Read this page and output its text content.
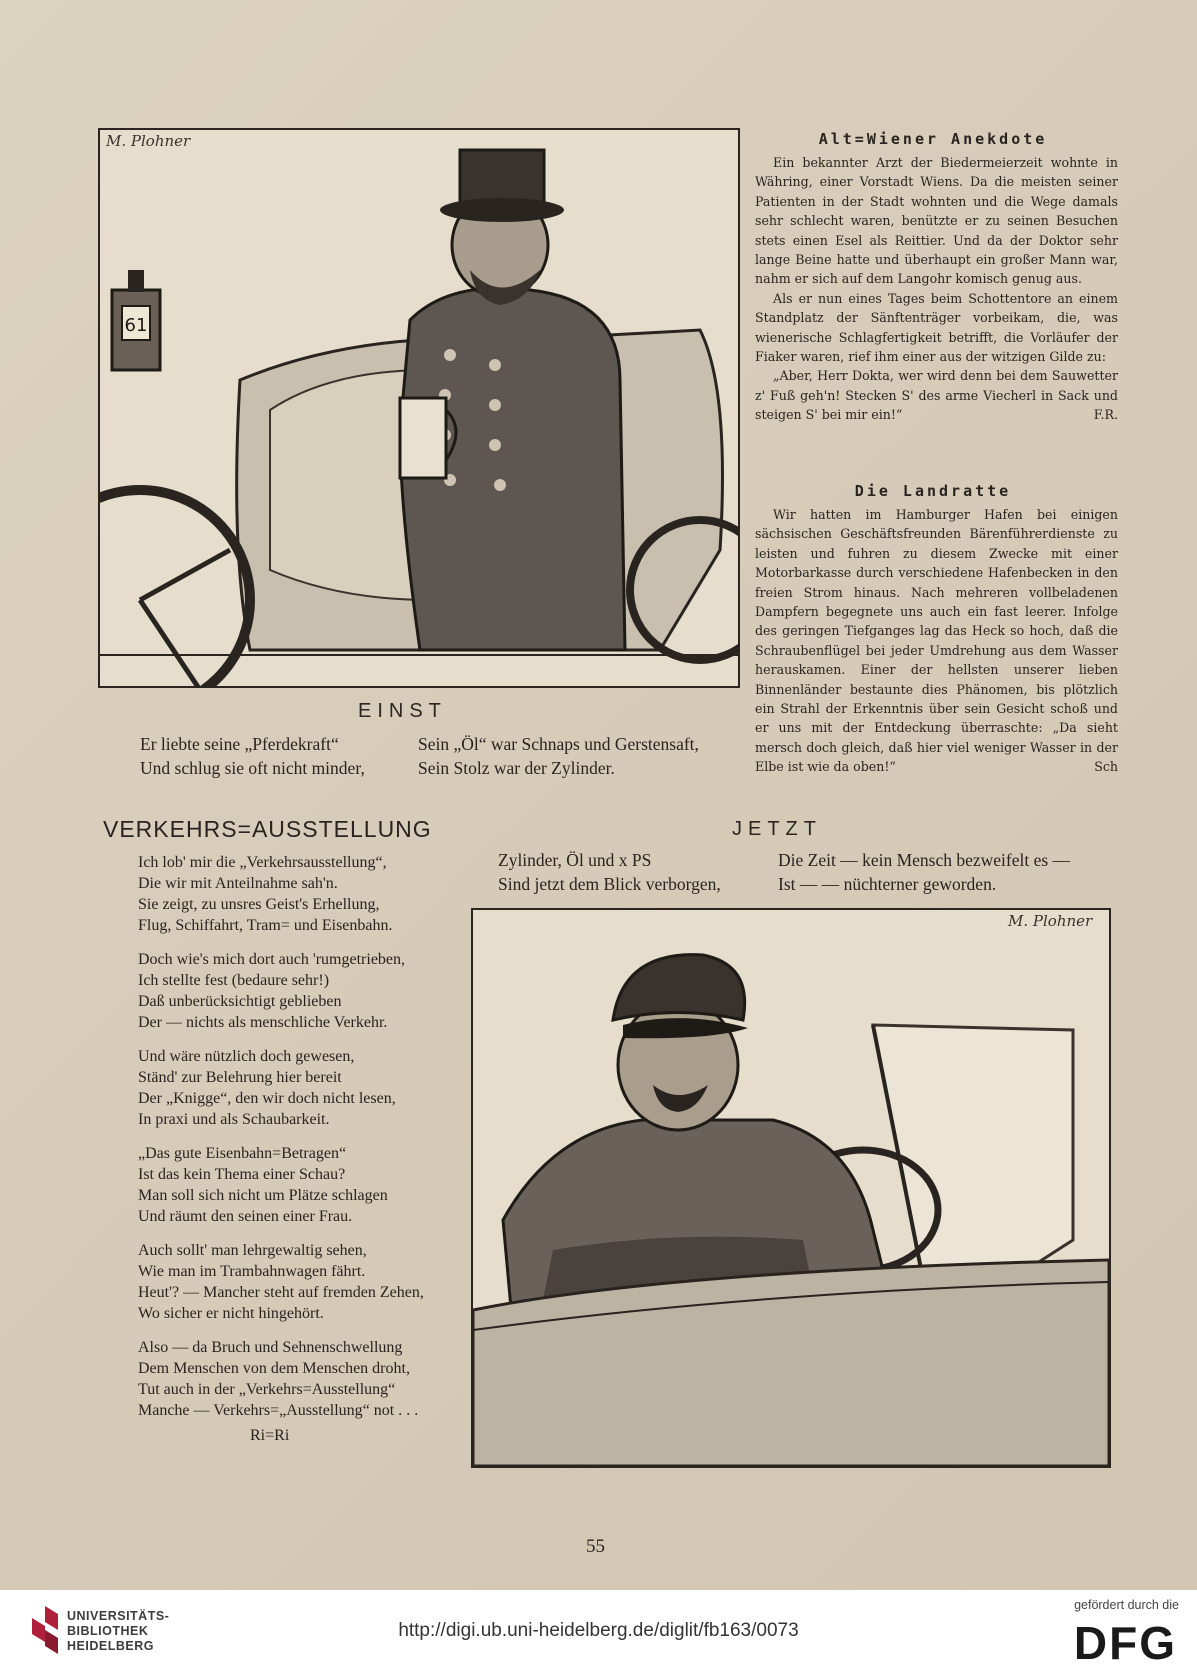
61
M. Plohner
EINST
Er liebte seine „Pferdekraft“
Und schlug sie oft nicht minder,
Sein „Öl“ war Schnaps und Gerstensaft,
Sein Stolz war der Zylinder.
Alt=Wiener Anekdote

Ein bekannter Arzt der Biedermeierzeit wohnte in Währing, einer Vorstadt Wiens. Da die meisten seiner Patienten in der Stadt wohnten und die Wege damals sehr schlecht waren, benützte er zu seinen Besuchen stets einen Esel als Reittier. Und da der Doktor sehr lange Beine hatte und überhaupt ein großer Mann war, nahm er sich auf dem Langohr komisch genug aus.

Als er nun eines Tages beim Schottentore an einem Standplatz der Sänftenträger vorbeikam, die, was wienerische Schlagfertigkeit betrifft, die Vorläufer der Fiaker waren, rief ihm einer aus der witzigen Gilde zu:

„Aber, Herr Dokta, wer wird denn bei dem Sauwetter z' Fuß geh'n! Stecken S' des arme Viecherl in Sack und steigen S' bei mir ein!“	F.R.

Die Landratte

Wir hatten im Hamburger Hafen bei einigen sächsischen Geschäftsfreunden Bärenführerdienste zu leisten und fuhren zu diesem Zwecke mit einer Motorbarkasse durch verschiedene Hafenbecken in den freien Strom hinaus. Nach mehreren vollbeladenen Dampfern begegnete uns auch ein fast leerer. Infolge des geringen Tiefganges lag das Heck so hoch, daß die Schraubenflügel bei jeder Umdrehung aus dem Wasser herauskamen. Einer der hellsten unserer lieben Binnenländer bestaunte dies Phänomen, bis plötzlich ein Strahl der Erkenntnis über sein Gesicht schoß und er uns mit der Entdeckung überraschte: „Da sieht mersch doch gleich, daß hier viel weniger Wasser in der Elbe ist wie da oben!“	Sch

VERKEHRS=AUSSTELLUNG
Ich lob' mir die „Verkehrsausstellung“,
Die wir mit Anteilnahme sah'n.
Sie zeigt, zu unsres Geist's Erhellung,
Flug, Schiffahrt, Tram= und Eisenbahn.
Doch wie's mich dort auch 'rumgetrieben,
Ich stellte fest (bedaure sehr!)
Daß unberücksichtigt geblieben
Der — nichts als menschliche Verkehr.
Und wäre nützlich doch gewesen,
Ständ' zur Belehrung hier bereit
Der „Knigge“, den wir doch nicht lesen,
In praxi und als Schaubarkeit.
„Das gute Eisenbahn=Betragen“
Ist das kein Thema einer Schau?
Man soll sich nicht um Plätze schlagen
Und räumt den seinen einer Frau.
Auch sollt' man lehrgewaltig sehen,
Wie man im Trambahnwagen fährt.
Heut'? — Mancher steht auf fremden Zehen,
Wo sicher er nicht hingehört.
Also — da Bruch und Sehnenschwellung
Dem Menschen von dem Menschen droht,
Tut auch in der „Verkehrs=Ausstellung“
Manche — Verkehrs=„Ausstellung“ not . . .
Ri=Ri
JETZT
Zylinder, Öl und x PS
Sind jetzt dem Blick verborgen,
Die Zeit — kein Mensch bezweifelt es —
Ist — — nüchterner geworden.
M. Plohner
55
UNIVERSITÄTS-
BIBLIOTHEK
HEIDELBERG
http://digi.ub.uni-heidelberg.de/diglit/fb163/0073
gefördert durch die
DFG
